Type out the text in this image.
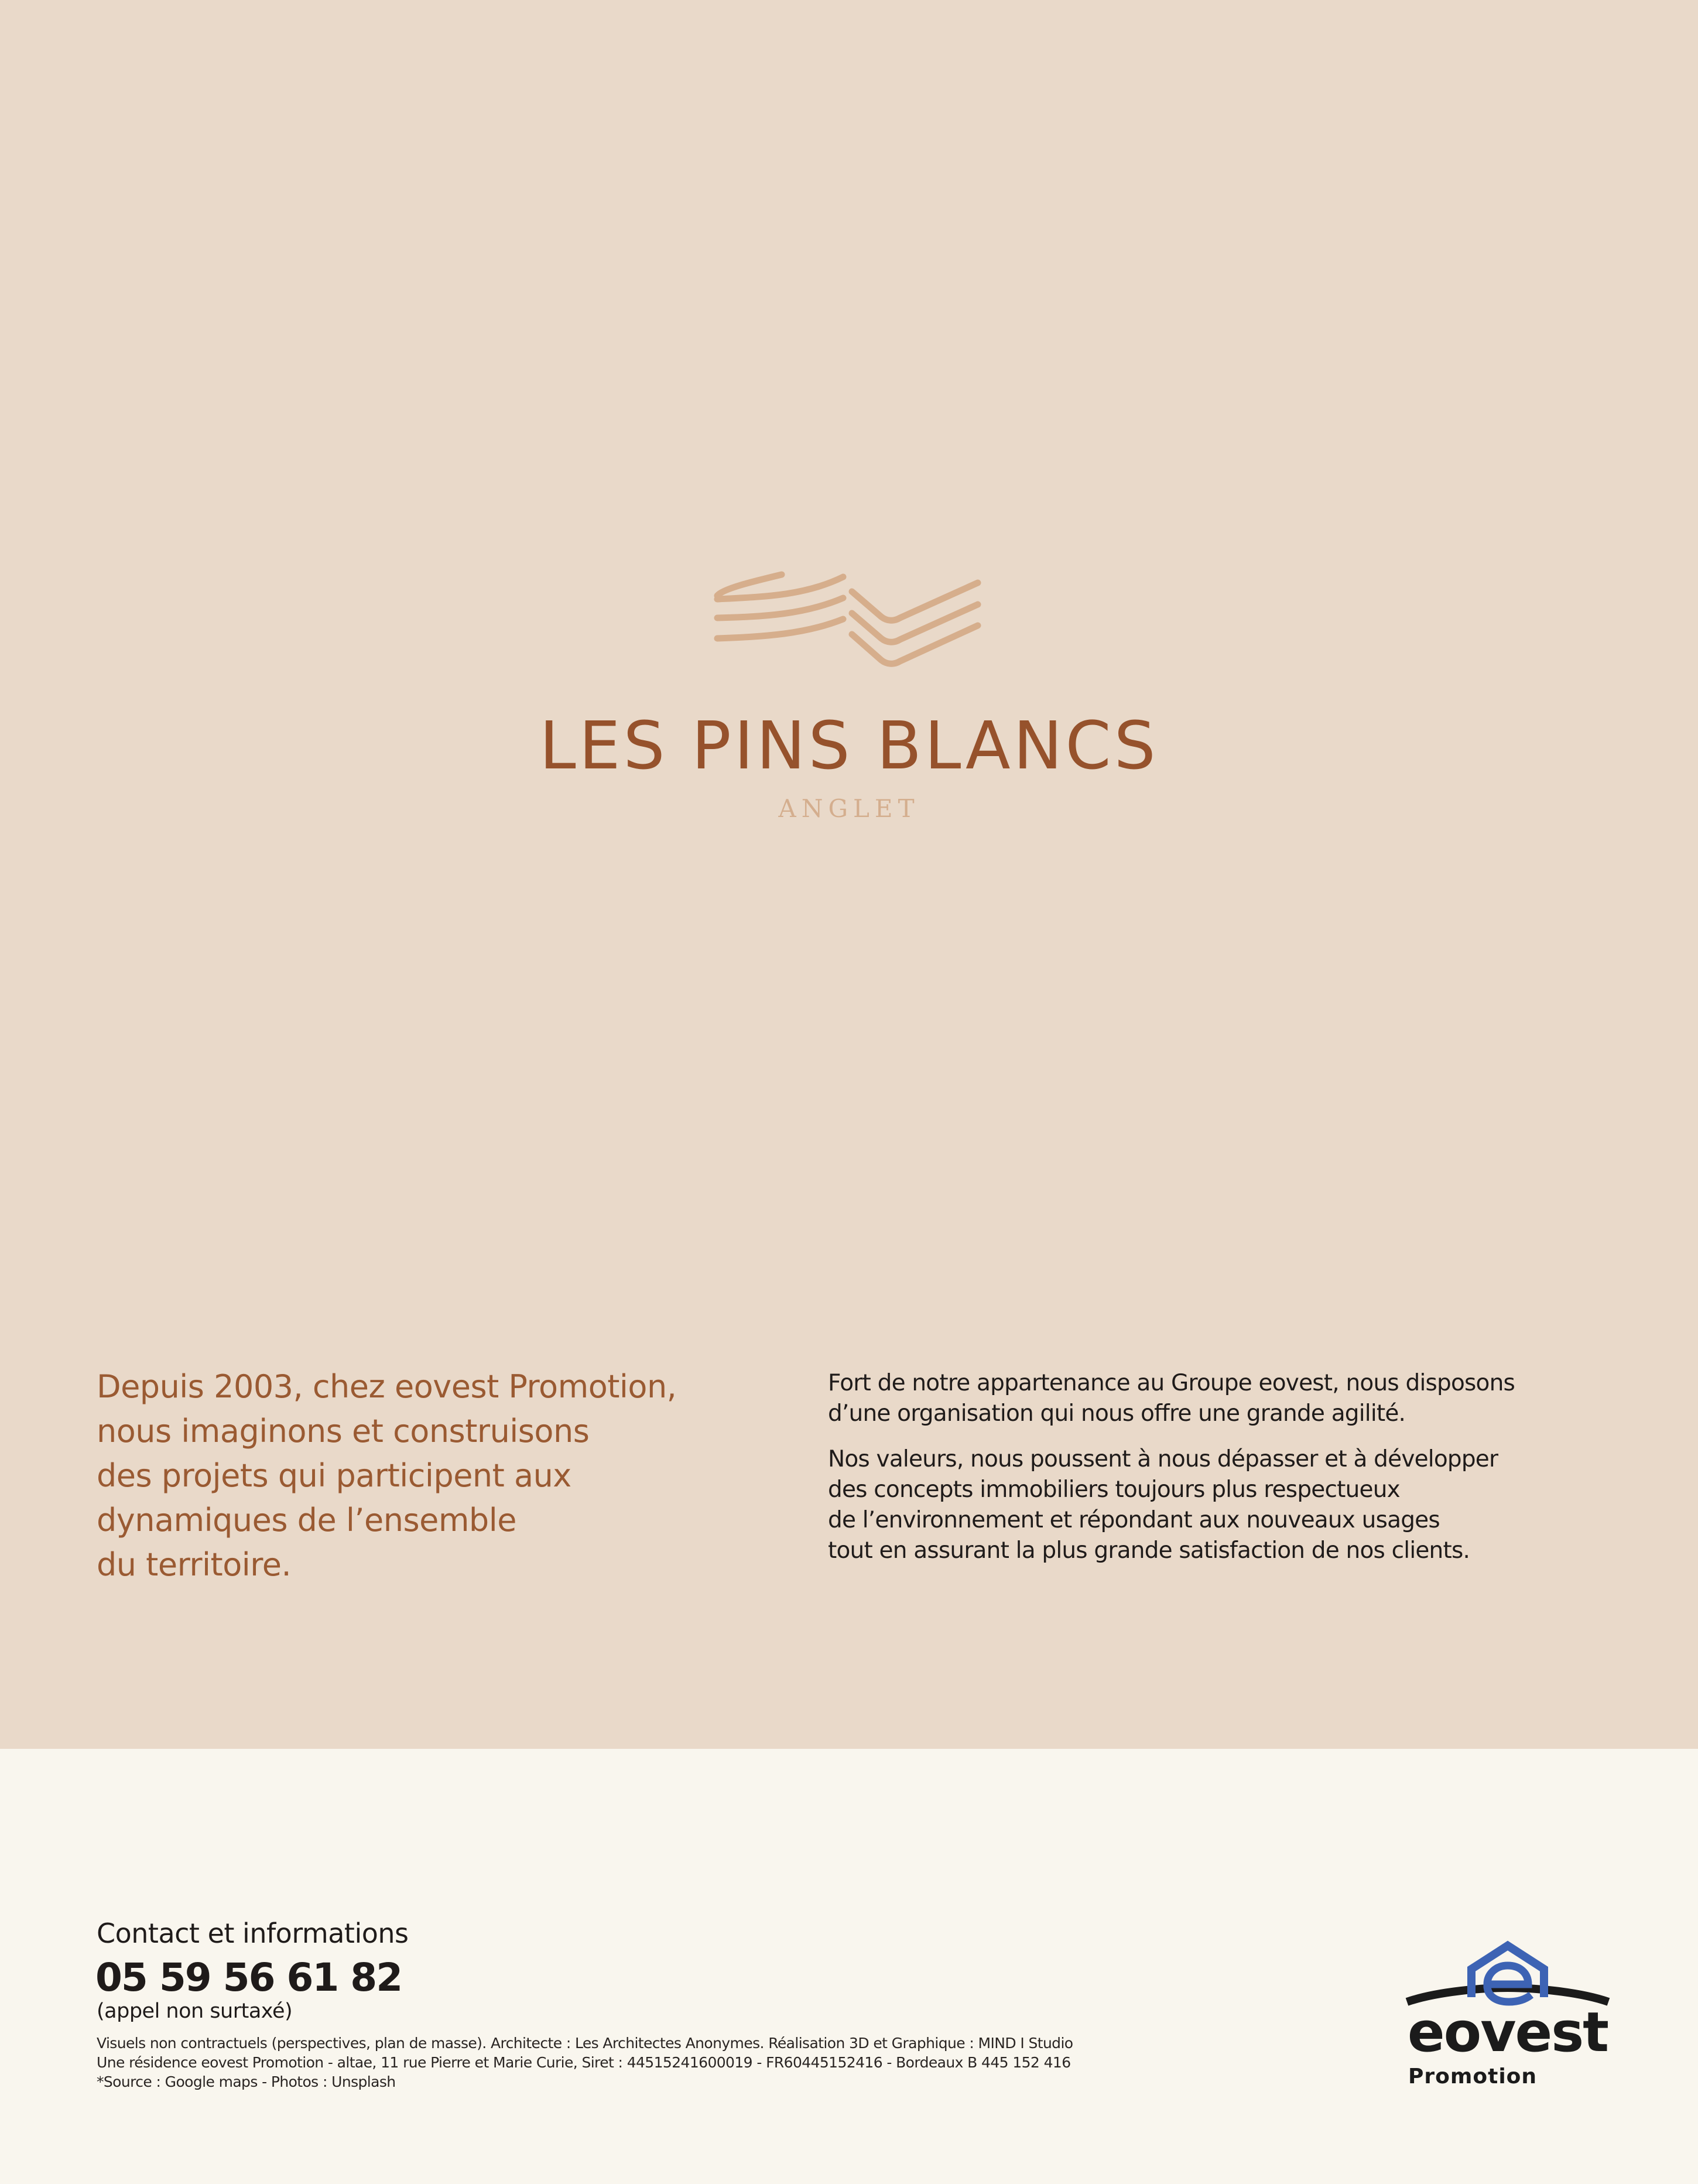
LES PINS BLANCS
ANGLET
Depuis 2003, chez eovest Promotion,
nous imaginons et construisons
des projets qui participent aux
dynamiques de l’ensemble
du territoire.
Fort de notre appartenance au Groupe eovest, nous disposons
d’une organisation qui nous offre une grande agilité.
Nos valeurs, nous poussent à nous dépasser et à développer
des concepts immobiliers toujours plus respectueux
de l’environnement et répondant aux nouveaux usages
tout en assurant la plus grande satisfaction de nos clients.
Contact et informations
05 59 56 61 82
(appel non surtaxé)
Visuels non contractuels (perspectives, plan de masse). Architecte : Les Architectes Anonymes. Réalisation 3D et Graphique : MIND I Studio
Une résidence eovest Promotion - altae, 11 rue Pierre et Marie Curie, Siret : 44515241600019 - FR60445152416 - Bordeaux B 445 152 416
*Source : Google maps - Photos : Unsplash
eovest
Promotion
